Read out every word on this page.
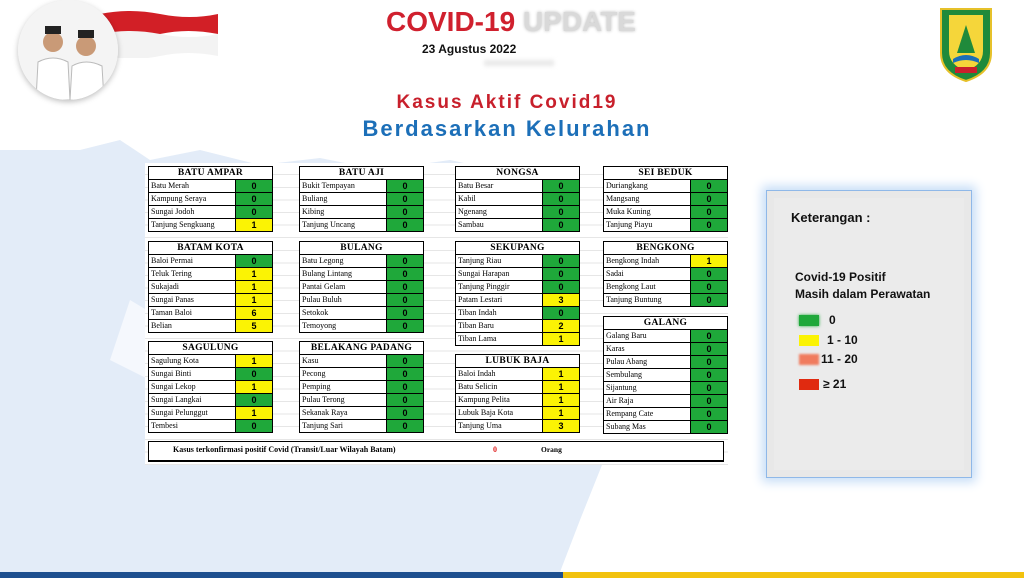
COVID-19 UPDATE
23 Agustus 2022
Kasus Aktif Covid19
Berdasarkan Kelurahan
BATU AMPAR
Batu Merah	0
Kampung Seraya	0
Sungai Jodoh	0
Tanjung Sengkuang	1
BATU AJI
Bukit Tempayan	0
Buliang	0
Kibing	0
Tanjung Uncang	0
NONGSA
Batu Besar	0
Kabil	0
Ngenang	0
Sambau	0
SEI BEDUK
Duriangkang	0
Mangsang	0
Muka Kuning	0
Tanjung Piayu	0
BATAM KOTA
Baloi Permai	0
Teluk Tering	1
Sukajadi	1
Sungai Panas	1
Taman Baloi	6
Belian	5
BULANG
Batu Legong	0
Bulang Lintang	0
Pantai Gelam	0
Pulau Buluh	0
Setokok	0
Temoyong	0
SEKUPANG
Tanjung Riau	0
Sungai Harapan	0
Tanjung Pinggir	0
Patam Lestari	3
Tiban Indah	0
Tiban Baru	2
Tiban Lama	1
BENGKONG
Bengkong Indah	1
Sadai	0
Bengkong Laut	0
Tanjung Buntung	0
GALANG
Galang Baru	0
Karas	0
Pulau Abang	0
Sembulang	0
Sijantung	0
Air Raja	0
Rempang Cate	0
Subang Mas	0
SAGULUNG
Sagulung Kota	1
Sungai Binti	0
Sungai Lekop	1
Sungai Langkai	0
Sungai Pelunggut	1
Tembesi	0
BELAKANG PADANG
Kasu	0
Pecong	0
Pemping	0
Pulau Terong	0
Sekanak Raya	0
Tanjung Sari	0
LUBUK BAJA
Baloi Indah	1
Batu Selicin	1
Kampung Pelita	1
Lubuk Baja Kota	1
Tanjung Uma	3
Kasus terkonfirmasi positif Covid (Transit/Luar Wilayah Batam)	0	Orang
Keterangan :
Covid-19 Positif
Masih dalam Perawatan
0
1 - 10
11 - 20
≥ 21
